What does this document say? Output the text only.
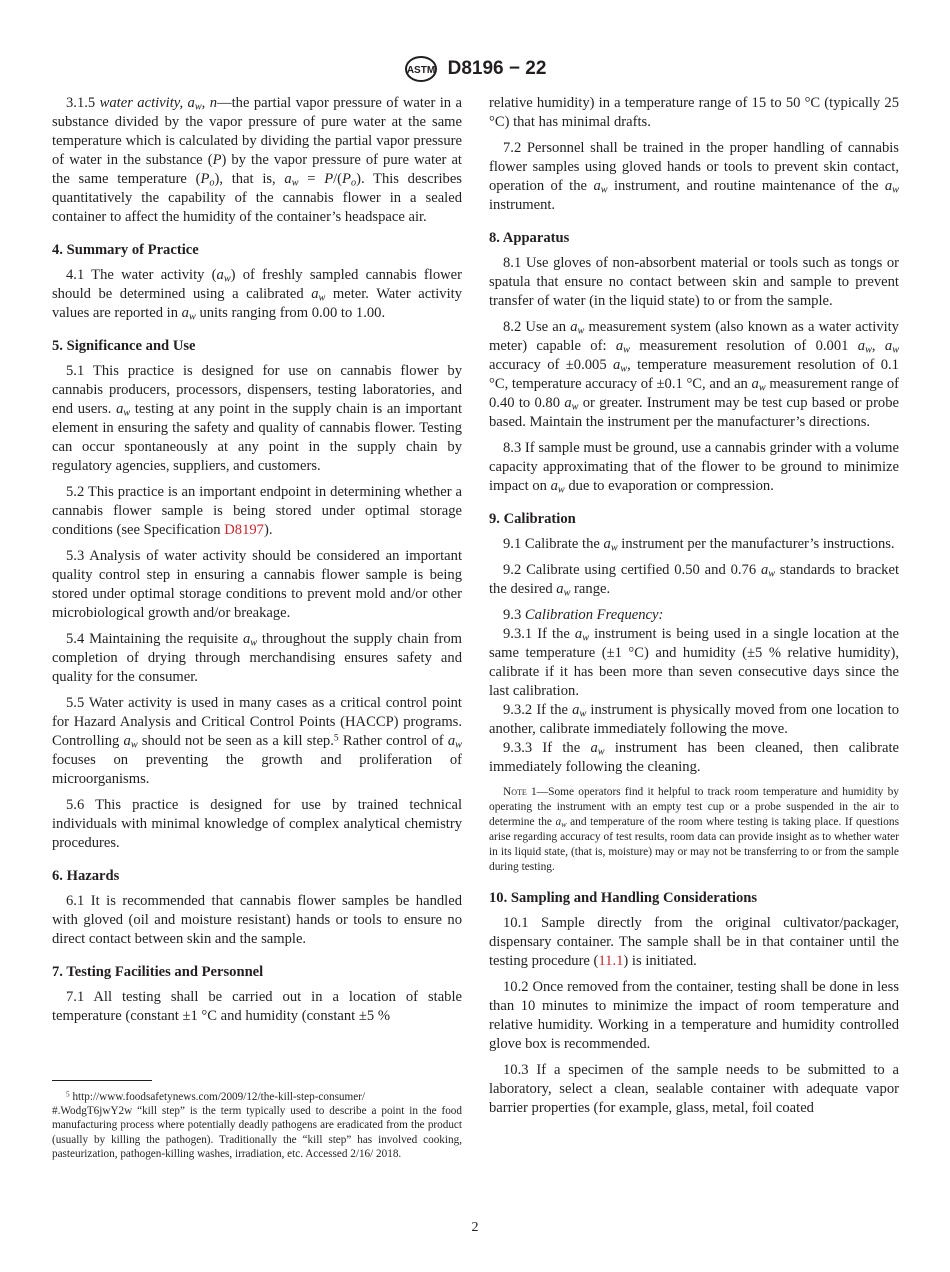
ASTM D8196 − 22
3.1.5 water activity, $a_w$, n—the partial vapor pressure of water in a substance divided by the vapor pressure of pure water at the same temperature which is calculated by dividing the partial vapor pressure of water in the substance (P) by the vapor pressure of pure water at the same temperature $(P_o)$, that is, $a_w = P/(P_o)$. This describes quantitatively the capability of the cannabis flower in a sealed container to affect the humidity of the container’s headspace air.
4. Summary of Practice
4.1 The water activity $(a_w)$ of freshly sampled cannabis flower should be determined using a calibrated $a_w$ meter. Water activity values are reported in $a_w$ units ranging from 0.00 to 1.00.
5. Significance and Use
5.1 This practice is designed for use on cannabis flower by cannabis producers, processors, dispensers, testing laboratories, and end users. $a_w$ testing at any point in the supply chain is an important element in ensuring the safety and quality of cannabis flower. Testing can occur spontaneously at any point in the supply chain by regulatory agencies, suppliers, and customers.
5.2 This practice is an important endpoint in determining whether a cannabis flower sample is being stored under optimal storage conditions (see Specification D8197).
5.3 Analysis of water activity should be considered an important quality control step in ensuring a cannabis flower sample is being stored under optimal storage conditions to prevent mold and/or other microbiological growth and/or breakage.
5.4 Maintaining the requisite $a_w$ throughout the supply chain from completion of drying through merchandising ensures safety and quality for the consumer.
5.5 Water activity is used in many cases as a critical control point for Hazard Analysis and Critical Control Points (HACCP) programs. Controlling $a_w$ should not be seen as a kill step.$^5$ Rather control of $a_w$ focuses on preventing the growth and proliferation of microorganisms.
5.6 This practice is designed for use by trained technical individuals with minimal knowledge of complex analytical chemistry procedures.
6. Hazards
6.1 It is recommended that cannabis flower samples be handled with gloved (oil and moisture resistant) hands or tools to ensure no direct contact between skin and the sample.
7. Testing Facilities and Personnel
7.1 All testing shall be carried out in a location of stable temperature (constant ±1 °C and humidity (constant ±5 %
relative humidity) in a temperature range of 15 to 50 °C (typically 25 °C) that has minimal drafts.
7.2 Personnel shall be trained in the proper handling of cannabis flower samples using gloved hands or tools to prevent skin contact, operation of the $a_w$ instrument, and routine maintenance of the $a_w$ instrument.
8. Apparatus
8.1 Use gloves of non-absorbent material or tools such as tongs or spatula that ensure no contact between skin and sample to prevent transfer of water (in the liquid state) to or from the sample.
8.2 Use an $a_w$ measurement system (also known as a water activity meter) capable of: $a_w$ measurement resolution of 0.001 $a_w$, $a_w$ accuracy of ±0.005 $a_w$, temperature measurement resolution of 0.1 °C, temperature accuracy of ±0.1 °C, and an $a_w$ measurement range of 0.40 to 0.80 $a_w$ or greater. Instrument may be test cup based or probe based. Maintain the instrument per the manufacturer’s directions.
8.3 If sample must be ground, use a cannabis grinder with a volume capacity approximating that of the flower to be ground to minimize impact on $a_w$ due to evaporation or compression.
9. Calibration
9.1 Calibrate the $a_w$ instrument per the manufacturer’s instructions.
9.2 Calibrate using certified 0.50 and 0.76 $a_w$ standards to bracket the desired $a_w$ range.
9.3 Calibration Frequency:
9.3.1 If the $a_w$ instrument is being used in a single location at the same temperature (±1 °C) and humidity (±5 % relative humidity), calibrate if it has been more than seven consecutive days since the last calibration.
9.3.2 If the $a_w$ instrument is physically moved from one location to another, calibrate immediately following the move.
9.3.3 If the $a_w$ instrument has been cleaned, then calibrate immediately following the cleaning.
Note 1—Some operators find it helpful to track room temperature and humidity by operating the instrument with an empty test cup or a probe suspended in the air to determine the $a_w$ and temperature of the room where testing is taking place. If questions arise regarding accuracy of test results, room data can provide insight as to whether water in its liquid state, (that is, moisture) may or may not be transferring to or from the sample during testing.
10. Sampling and Handling Considerations
10.1 Sample directly from the original cultivator/packager, dispensary container. The sample shall be in that container until the testing procedure (11.1) is initiated.
10.2 Once removed from the container, testing shall be done in less than 10 minutes to minimize the impact of room temperature and relative humidity. Working in a temperature and humidity controlled glove box is recommended.
10.3 If a specimen of the sample needs to be submitted to a laboratory, select a clean, sealable container with adequate vapor barrier properties (for example, glass, metal, foil coated
$^5$ http://www.foodsafetynews.com/2009/12/the-kill-step-consumer/
#.WodgT6jwY2w “kill step” is the term typically used to describe a point in the food manufacturing process where potentially deadly pathogens are eradicated from the product (usually by killing the pathogen). Traditionally the “kill step” has involved cooking, pasteurization, pathogen-killing washes, irradiation, etc. Accessed 2/16/ 2018.
2
